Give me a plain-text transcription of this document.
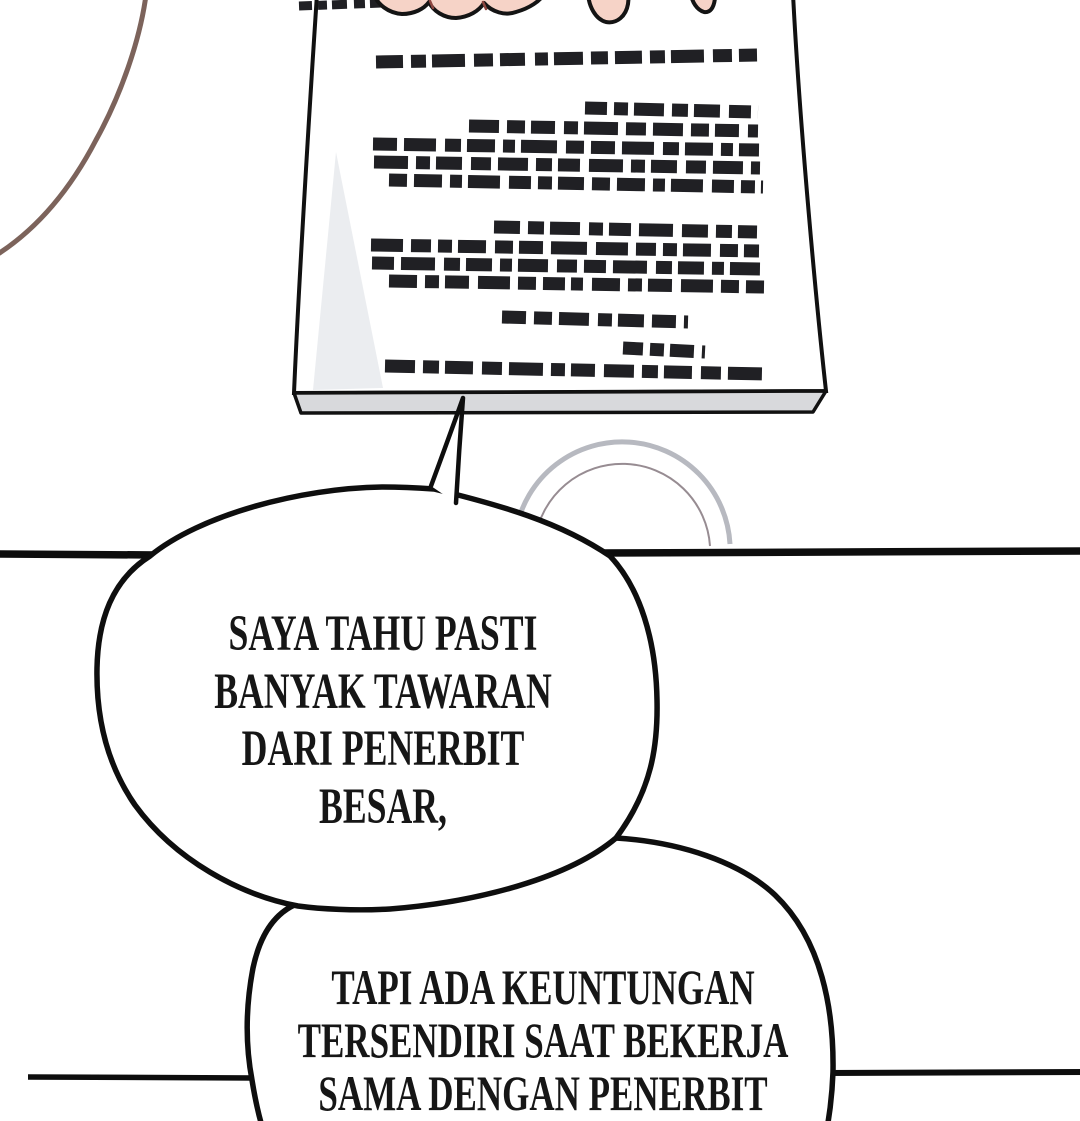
SAYA TAHU PASTI
BANYAK TAWARAN
DARI PENERBIT
BESAR,
TAPI ADA KEUNTUNGAN
TERSENDIRI SAAT BEKERJA
SAMA DENGAN PENERBIT
